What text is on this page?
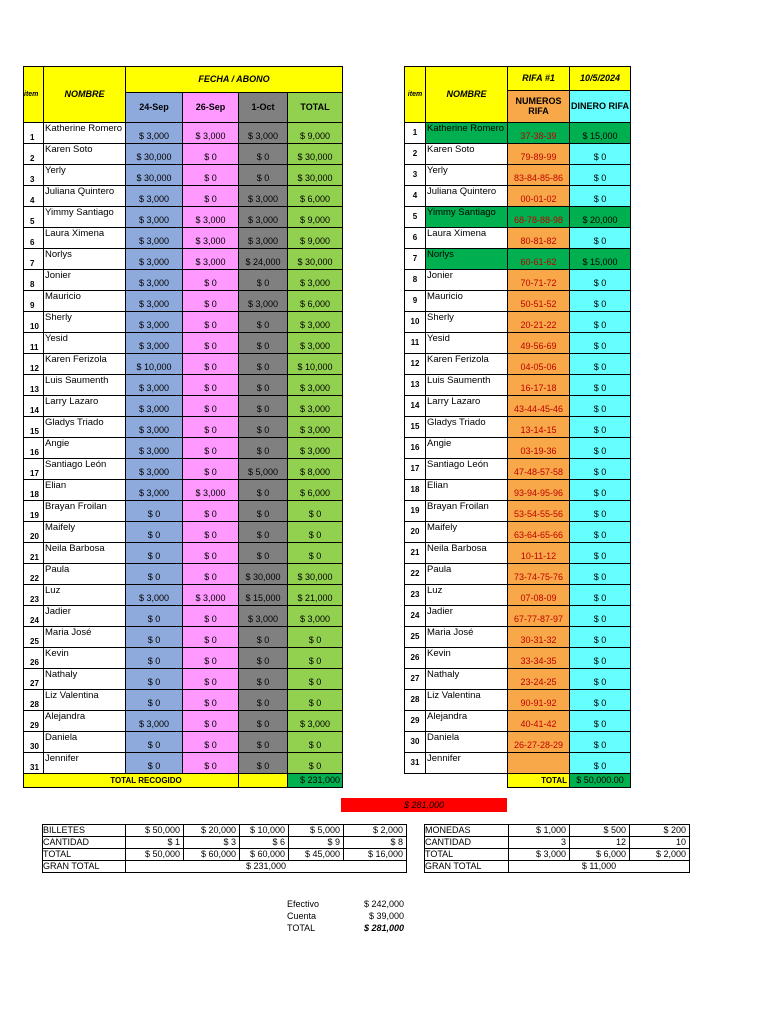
item	NOMBRE	FECHA / ABONO			
		24-Sep	26-Sep	1-Oct	TOTAL
1	Katherine Romero	$ 3,000	$ 3,000	$ 3,000	$ 9,000
2	Karen Soto	$ 30,000	$ 0	$ 0	$ 30,000
3	Yerly	$ 30,000	$ 0	$ 0	$ 30,000
4	Juliana Quintero	$ 3,000	$ 0	$ 3,000	$ 6,000
5	Yimmy Santiago	$ 3,000	$ 3,000	$ 3,000	$ 9,000
6	Laura Ximena	$ 3,000	$ 3,000	$ 3,000	$ 9,000
7	Norlys	$ 3,000	$ 3,000	$ 24,000	$ 30,000
8	Jonier	$ 3,000	$ 0	$ 0	$ 3,000
9	Mauricio	$ 3,000	$ 0	$ 3,000	$ 6,000
10	Sherly	$ 3,000	$ 0	$ 0	$ 3,000
11	Yesid	$ 3,000	$ 0	$ 0	$ 3,000
12	Karen Ferizola	$ 10,000	$ 0	$ 0	$ 10,000
13	Luis Saumenth	$ 3,000	$ 0	$ 0	$ 3,000
14	Larry Lazaro	$ 3,000	$ 0	$ 0	$ 3,000
15	Gladys Triado	$ 3,000	$ 0	$ 0	$ 3,000
16	Angie	$ 3,000	$ 0	$ 0	$ 3,000
17	Santiago León	$ 3,000	$ 0	$ 5,000	$ 8,000
18	Elian	$ 3,000	$ 3,000	$ 0	$ 6,000
19	Brayan Froilan	$ 0	$ 0	$ 0	$ 0
20	Maifely	$ 0	$ 0	$ 0	$ 0
21	Neila Barbosa	$ 0	$ 0	$ 0	$ 0
22	Paula	$ 0	$ 0	$ 30,000	$ 30,000
23	Luz	$ 3,000	$ 3,000	$ 15,000	$ 21,000
24	Jadier	$ 0	$ 0	$ 3,000	$ 3,000
25	Maria José	$ 0	$ 0	$ 0	$ 0
26	Kevin	$ 0	$ 0	$ 0	$ 0
27	Nathaly	$ 0	$ 0	$ 0	$ 0
28	Liz Valentina	$ 0	$ 0	$ 0	$ 0
29	Alejandra	$ 3,000	$ 0	$ 0	$ 3,000
30	Daniela	$ 0	$ 0	$ 0	$ 0
31	Jennifer	$ 0	$ 0	$ 0	$ 0
TOTAL RECOGIDO					$ 231,000
item	NOMBRE	RIFA #1	10/5/2024
		NUMEROS RIFA	DINERO RIFA
1	Katherine Romero	37-38-39	$ 15,000
2	Karen Soto	79-89-99	$ 0
3	Yerly	83-84-85-86	$ 0
4	Juliana Quintero	00-01-02	$ 0
5	Yimmy Santiago	68-78-88-98	$ 20,000
6	Laura Ximena	80-81-82	$ 0
7	Norlys	60-61-62	$ 15,000
8	Jonier	70-71-72	$ 0
9	Mauricio	50-51-52	$ 0
10	Sherly	20-21-22	$ 0
11	Yesid	49-56-69	$ 0
12	Karen Ferizola	04-05-06	$ 0
13	Luis Saumenth	16-17-18	$ 0
14	Larry Lazaro	43-44-45-46	$ 0
15	Gladys Triado	13-14-15	$ 0
16	Angie	03-19-36	$ 0
17	Santiago León	47-48-57-58	$ 0
18	Elian	93-94-95-96	$ 0
19	Brayan Froilan	53-54-55-56	$ 0
20	Maifely	63-64-65-66	$ 0
21	Neila Barbosa	10-11-12	$ 0
22	Paula	73-74-75-76	$ 0
23	Luz	07-08-09	$ 0
24	Jadier	67-77-87-97	$ 0
25	Maria José	30-31-32	$ 0
26	Kevin	33-34-35	$ 0
27	Nathaly	23-24-25	$ 0
28	Liz Valentina	90-91-92	$ 0
29	Alejandra	40-41-42	$ 0
30	Daniela	26-27-28-29	$ 0
31	Jennifer		$ 0
		TOTAL	$ 50,000.00
$ 281,000
BILLETES	$ 50,000	$ 20,000	$ 10,000	$ 5,000	$ 2,000
CANTIDAD	$ 1	$ 3	$ 6	$ 9	$ 8
TOTAL	$ 50,000	$ 60,000	$ 60,000	$ 45,000	$ 16,000
GRAN TOTAL	$ 231,000				
MONEDAS	$ 1,000	$ 500	$ 200
CANTIDAD	3	12	10
TOTAL	$ 3,000	$ 6,000	$ 2,000
GRAN TOTAL	$ 11,000		
Efectivo	$ 242,000
Cuenta	$ 39,000
TOTAL	$ 281,000
